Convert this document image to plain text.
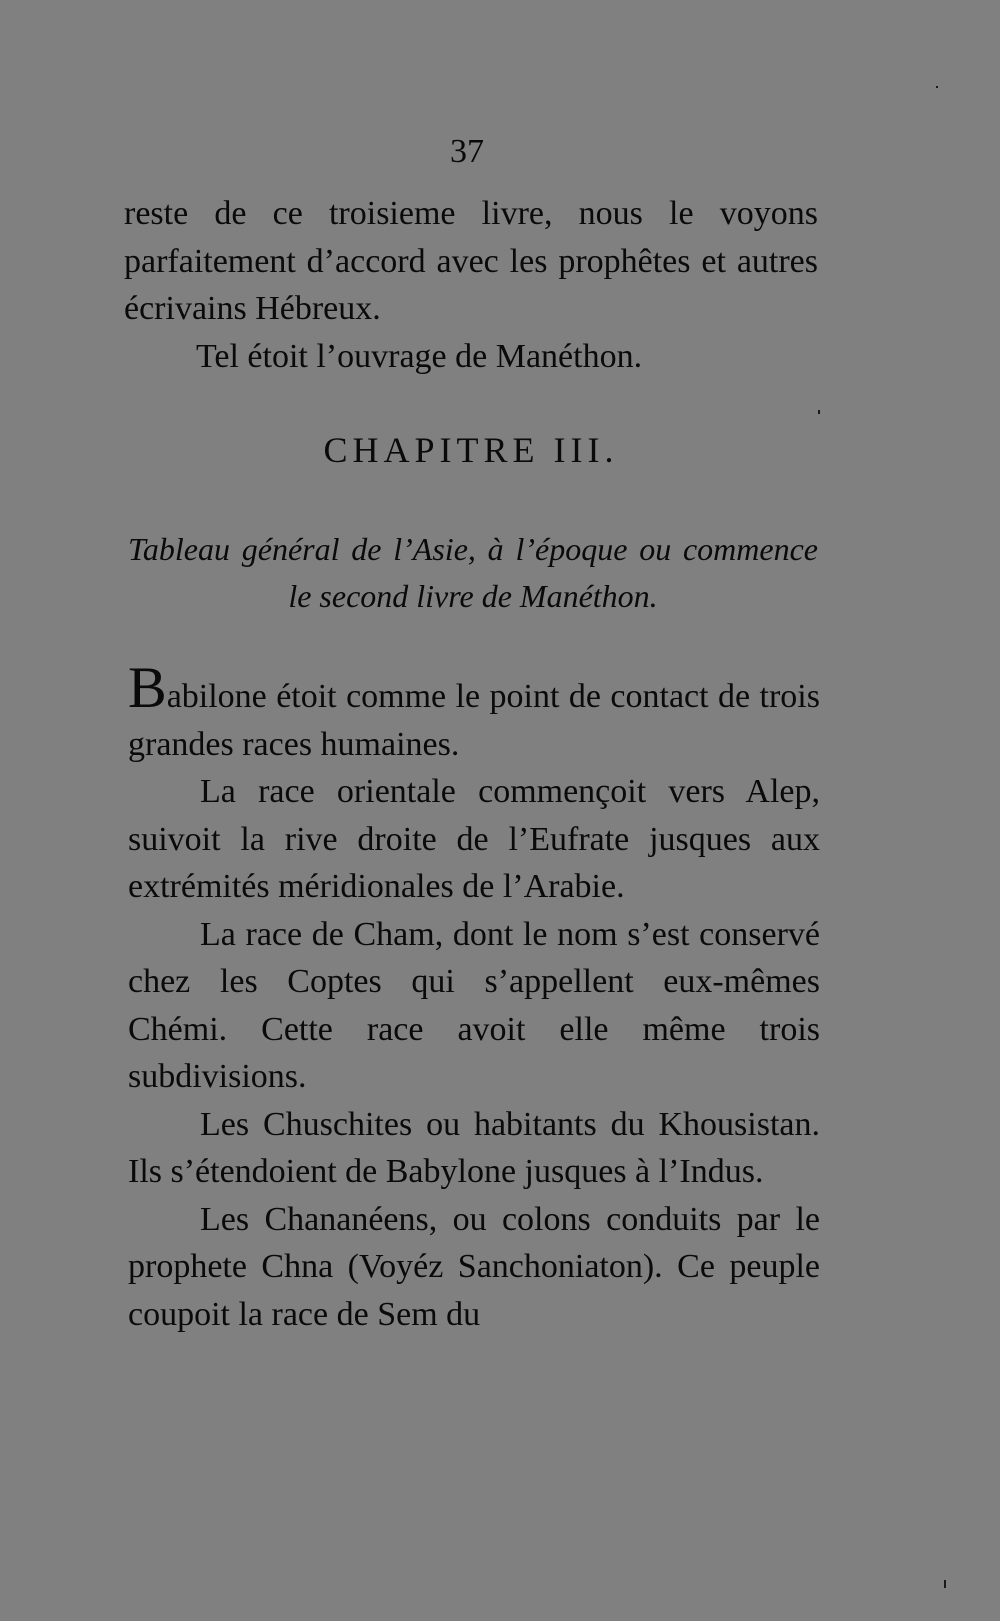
37

reste de ce troisieme livre, nous le voyons parfaitement d’accord avec les prophêtes et autres écrivains Hébreux.

Tel étoit l’ouvrage de Manéthon.

CHAPITRE III.
Tableau général de l’Asie, à l’époque ou commence le second livre de Manéthon.

Babilone étoit comme le point de contact de trois grandes races humaines.

La race orientale commençoit vers Alep, suivoit la rive droite de l’Eufrate jusques aux extrémités méridionales de l’Arabie.

La race de Cham, dont le nom s’est conservé chez les Coptes qui s’appellent eux-mêmes Chémi. Cette race avoit elle même trois subdivisions.

Les Chuschites ou habitants du Khousistan. Ils s’étendoient de Babylone jusques à l’Indus.

Les Chananéens, ou colons conduits par le prophete Chna (Voyéz Sanchoniaton). Ce peuple coupoit la race de Sem du
